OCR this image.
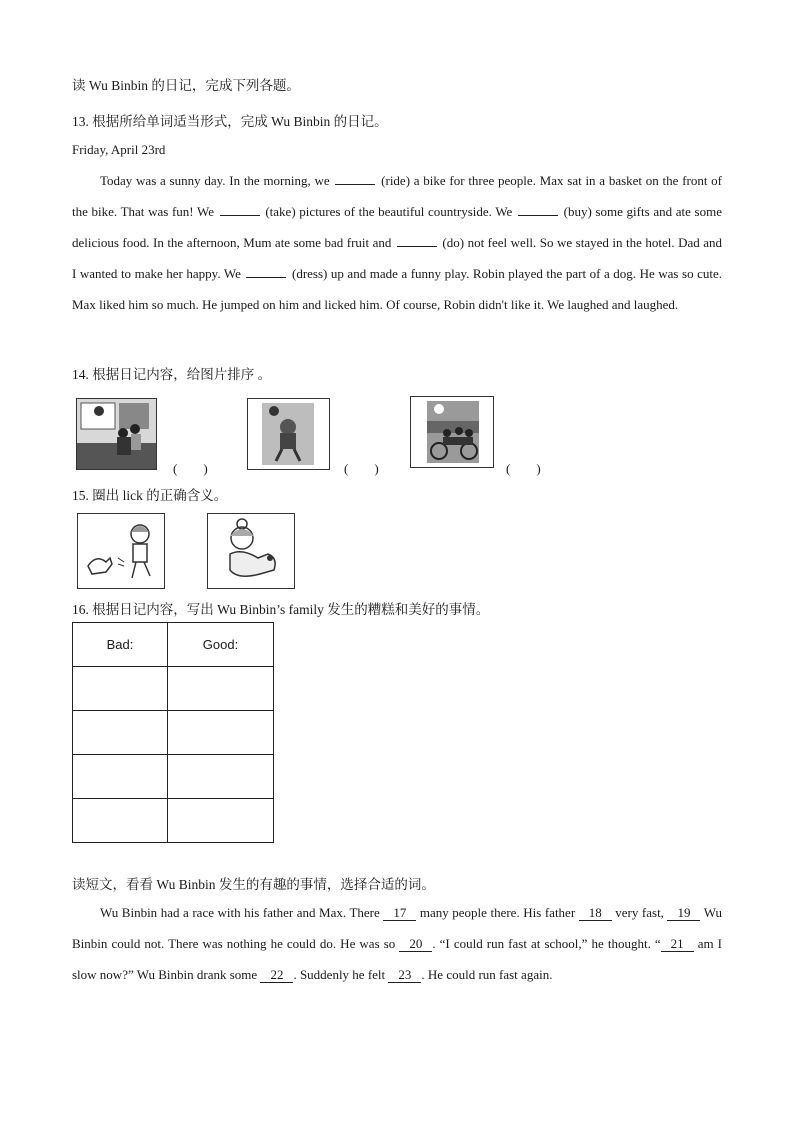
读 Wu Binbin 的日记，完成下列各题。
13. 根据所给单词适当形式，完成 Wu Binbin 的日记。
Friday, April 23rd
Today was a sunny day. In the morning, we	(ride) a bike for three people. Max sat in a basket on the front of the bike. That was fun! We	(take) pictures of the beautiful countryside. We	(buy) some gifts and ate some delicious food. In the afternoon, Mum ate some bad fruit and	(do) not feel well. So we stayed in the hotel. Dad and I wanted to make her happy. We	(dress) up and made a funny play. Robin played the part of a dog. He was so cute. Max liked him so much. He jumped on him and licked him. Of course, Robin didn't like it. We laughed and laughed.
14. 根据日记内容，给图片排序 。
(　　)	(　　)	(　　)
15. 圈出 lick 的正确含义。
16. 根据日记内容，写出 Wu Binbin’s family 发生的糟糕和美好的事情。
Bad:	Good:

读短文，看看 Wu Binbin 发生的有趣的事情，选择合适的词。
Wu Binbin had a race with his father and Max. There 17 many people there. His father 18 very fast, 19 Wu Binbin could not. There was nothing he could do. He was so 20 . “I could run fast at school,” he thought. “ 21 am I slow now?” Wu Binbin drank some 22 . Suddenly he felt 23 . He could run fast again.
